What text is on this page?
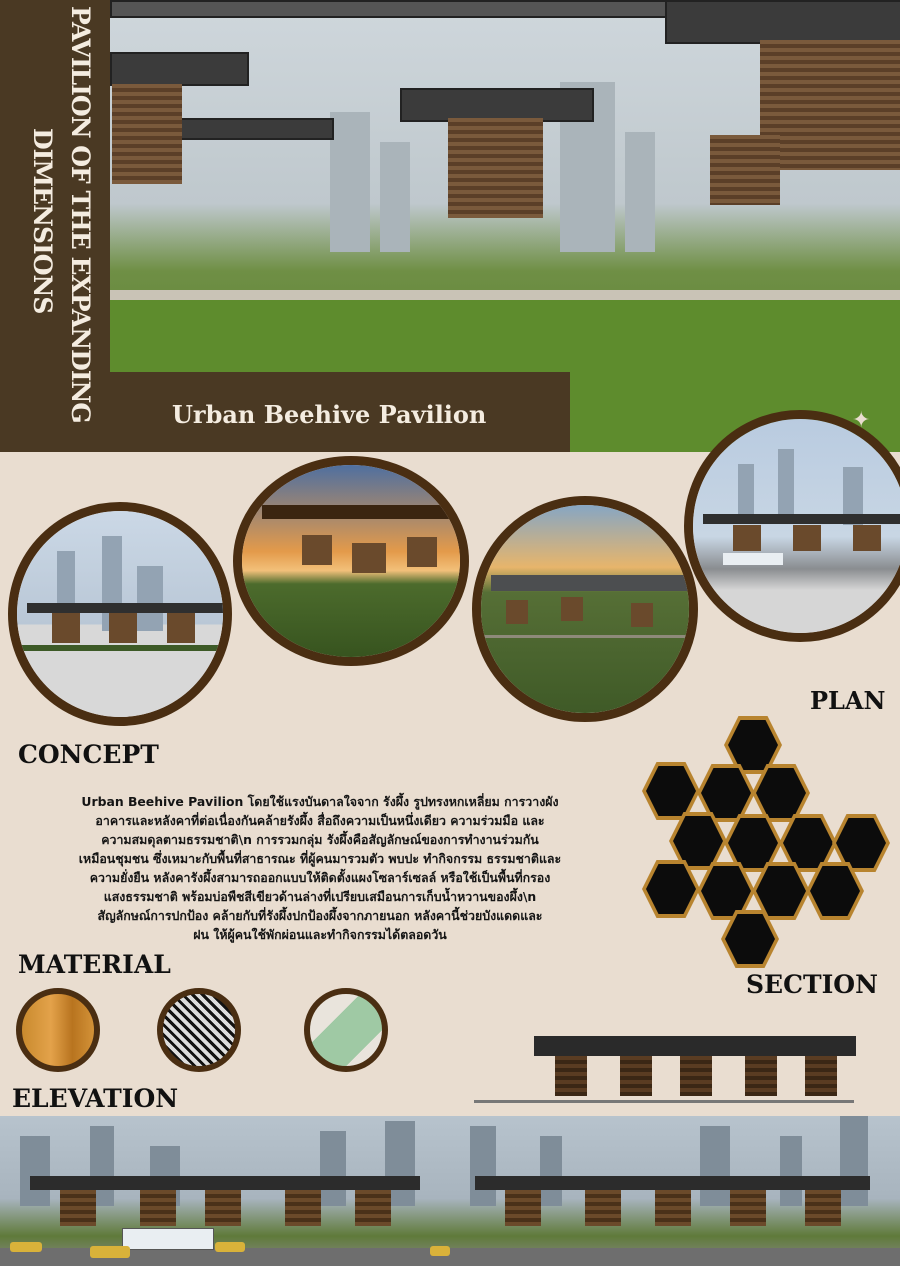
PAVILION OF THE EXPANDING
DIMENSIONS
Urban Beehive Pavilion
PLAN
CONCEPT
MATERIAL
SECTION
ELEVATION

Urban Beehive Pavilion โดยใช้แรงบันดาลใจจาก รังผึ้ง รูปทรงหกเหลี่ยม การวางผัง

อาคารและหลังคาที่ต่อเนื่องกันคล้ายรังผึ้ง สื่อถึงความเป็นหนึ่งเดียว ความร่วมมือ และ

ความสมดุลตามธรรมชาติ\n การรวมกลุ่ม รังผึ้งคือสัญลักษณ์ของการทำงานร่วมกัน

เหมือนชุมชน ซึ่งเหมาะกับพื้นที่สาธารณะ ที่ผู้คนมารวมตัว พบปะ ทำกิจกรรม ธรรมชาติและ

ความยั่งยืน หลังคารังผึ้งสามารถออกแบบให้ติดตั้งแผงโซลาร์เซลล์ หรือใช้เป็นพื้นที่กรอง

แสงธรรมชาติ พร้อมบ่อพืชสีเขียวด้านล่างที่เปรียบเสมือนการเก็บน้ำหวานของผึ้ง\n

สัญลักษณ์การปกป้อง คล้ายกับที่รังผึ้งปกป้องผึ้งจากภายนอก หลังคานี้ช่วยบังแดดและ

ฝน ให้ผู้คนใช้พักผ่อนและทำกิจกรรมได้ตลอดวัน
